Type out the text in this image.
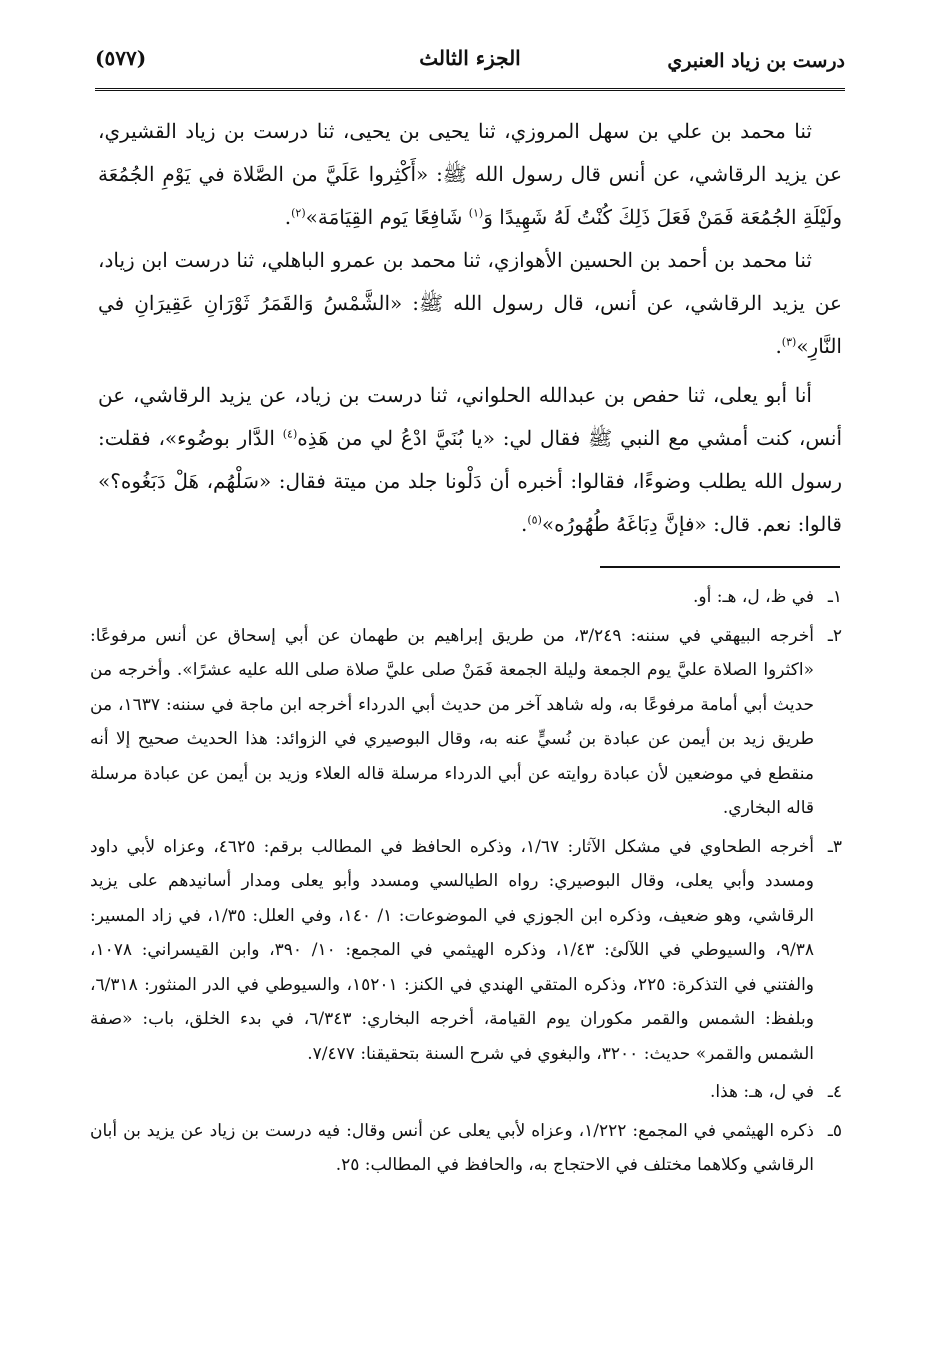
درست بن زياد العنبري
الجزء الثالث
(٥٧٧)

ثنا محمد بن علي بن سهل المروزي، ثنا يحيى بن يحيى، ثنا درست بن زياد القشيري، عن يزيد الرقاشي، عن أنس قال رسول الله ﷺ: «أَكْثِروا عَلَيَّ من الصَّلاة في يَوْمِ الجُمُعَة ولَيْلَةِ الجُمُعَة فَمَنْ فَعَلَ ذَلِكَ كُنْتُ لَهُ شَهِيدًا وَ$^{(١)}$ شَافِعًا يَوم القِيَامَة»$^{(٢)}$.

ثنا محمد بن أحمد بن الحسين الأهوازي، ثنا محمد بن عمرو الباهلي، ثنا درست ابن زياد، عن يزيد الرقاشي، عن أنس، قال رسول الله ﷺ: «الشَّمْسُ وَالقَمَرُ ثَوْرَانِ عَقِيرَانِ في النَّارِ»$^{(٣)}$.

أنا أبو يعلى، ثنا حفص بن عبدالله الحلواني، ثنا درست بن زياد، عن يزيد الرقاشي، عن أنس، كنت أمشي مع النبي ﷺ فقال لي: «يا بُنَيَّ ادْعُ لي من هَذِه$^{(٤)}$ الدَّار بوضُوء»، فقلت: رسول الله يطلب وضوءًا، فقالوا: أخبره أن دَلْونا جلد من ميتة فقال: «سَلْهُم، هَلْ دَبَغُوه؟» قالوا: نعم. قال: «فإنَّ دِبَاغَهُ طُهُورُه»$^{(٥)}$.

١ـ
في ظ، ل، هـ: أو.

٢ـ
أخرجه البيهقي في سننه: ٣/٢٤٩، من طريق إبراهيم بن طهمان عن أبي إسحاق عن أنس مرفوعًا: «اكثروا الصلاة عليَّ يوم الجمعة وليلة الجمعة فَمَنْ صلى عليَّ صلاة صلى الله عليه عشرًا». وأخرجه من حديث أبي أمامة مرفوعًا به، وله شاهد آخر من حديث أبي الدرداء أخرجه ابن ماجة في سننه: ١٦٣٧، من طريق زيد بن أيمن عن عبادة بن نُسيٍّ عنه به، وقال البوصيري في الزوائد: هذا الحديث صحيح إلا أنه منقطع في موضعين لأن عبادة روايته عن أبي الدرداء مرسلة قاله العلاء وزيد بن أيمن عن عبادة مرسلة قاله البخاري.

٣ـ
أخرجه الطحاوي في مشكل الآثار: ١/٦٧، وذكره الحافظ في المطالب برقم: ٤٦٢٥، وعزاه لأبي داود ومسدد وأبي يعلى، وقال البوصيري: رواه الطيالسي ومسدد وأبو يعلى ومدار أسانيدهم على يزيد الرقاشي، وهو ضعيف، وذكره ابن الجوزي في الموضوعات: ١/ ١٤٠، وفي العلل: ١/٣٥، في زاد المسير: ٩/٣٨، والسيوطي في اللآلئ: ١/٤٣، وذكره الهيثمي في المجمع: ١٠/ ٣٩٠، وابن القيسراني: ١٠٧٨، والفتني في التذكرة: ٢٢٥، وذكره المتقي الهندي في الكنز: ١٥٢٠١، والسيوطي في الدر المنثور: ٦/٣١٨، وبلفظ: الشمس والقمر مكوران يوم القيامة، أخرجه البخاري: ٦/٣٤٣، في بدء الخلق، باب: «صفة الشمس والقمر» حديث: ٣٢٠٠، والبغوي في شرح السنة بتحقيقنا: ٧/٤٧٧.

٤ـ
في ل، هـ: هذا.

٥ـ
ذكره الهيثمي في المجمع: ١/٢٢٢، وعزاه لأبي يعلى عن أنس وقال: فيه درست بن زياد عن يزيد بن أبان الرقاشي وكلاهما مختلف في الاحتجاج به، والحافظ في المطالب: ٢٥.
